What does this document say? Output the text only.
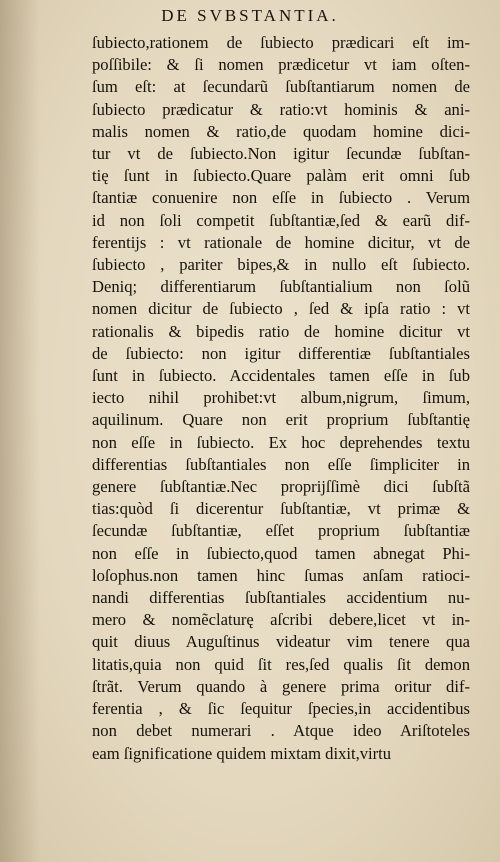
DE SVBSTANTIA.
ſubiecto,rationem de ſubiecto prædicari eſt im-
poſſibile: & ſi nomen prædicetur vt iam oſten-
ſum eſt: at ſecundarũ ſubſtantiarum nomen de
ſubiecto prædicatur & ratio:vt hominis & ani-
malis nomen & ratio,de quodam homine dici-
tur vt de ſubiecto.Non igitur ſecundæ ſubſtan-
tię ſunt in ſubiecto.Quare palàm erit omni ſub
ſtantiæ conuenire non eſſe in ſubiecto . Verum
id non ſoli competit ſubſtantiæ,ſed & earũ dif-
ferentijs : vt rationale de homine dicitur, vt de
ſubiecto , pariter bipes,& in nullo eſt ſubiecto.
Deniq; differentiarum ſubſtantialium non ſolũ
nomen dicitur de ſubiecto , ſed & ipſa ratio : vt
rationalis & bipedis ratio de homine dicitur vt
de ſubiecto: non igitur differentiæ ſubſtantiales
ſunt in ſubiecto. Accidentales tamen eſſe in ſub
iecto nihil prohibet:vt album,nigrum, ſimum,
aquilinum. Quare non erit proprium ſubſtantię
non eſſe in ſubiecto. Ex hoc deprehendes textu
differentias ſubſtantiales non eſſe ſimpliciter in
genere ſubſtantiæ.Nec proprijſſimè dici ſubſtã
tias:quòd ſi dicerentur ſubſtantiæ, vt primæ &
ſecundæ ſubſtantiæ, eſſet proprium ſubſtantiæ
non eſſe in ſubiecto,quod tamen abnegat Phi-
loſophus.non tamen hinc ſumas anſam ratioci-
nandi differentias ſubſtantiales accidentium nu-
mero & nomẽclaturę aſcribi debere,licet vt in-
quit diuus Auguſtinus videatur vim tenere qua
litatis,quia non quid ſit res,ſed qualis ſit demon
ſtrãt. Verum quando à genere prima oritur dif-
ferentia , & ſic ſequitur ſpecies,in accidentibus
non debet numerari . Atque ideo Ariſtoteles
eam ſignificatione quidem mixtam dixit,virtu
